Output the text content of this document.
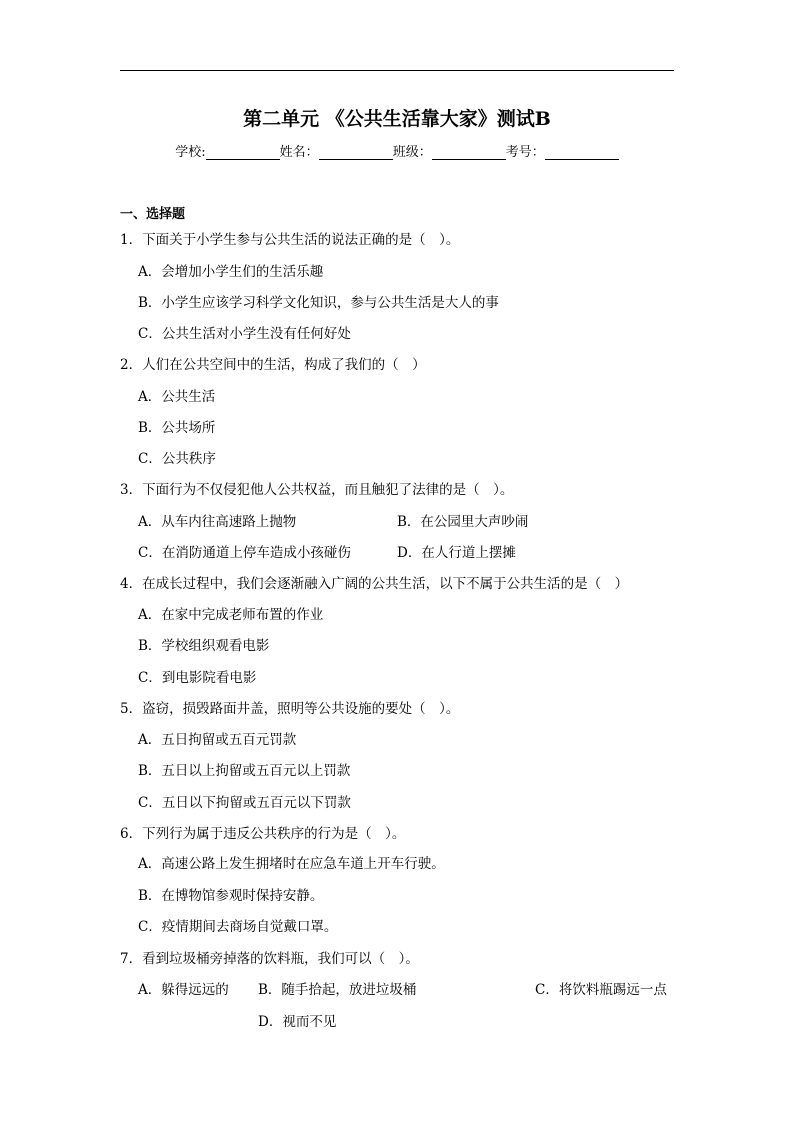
第二单元 《公共生活靠大家》测试B
学校:	姓名：	班级：	考号：
一、选择题
1．下面关于小学生参与公共生活的说法正确的是（　）。
A．会增加小学生们的生活乐趣
B．小学生应该学习科学文化知识，参与公共生活是大人的事
C．公共生活对小学生没有任何好处
2．人们在公共空间中的生活，构成了我们的（　）
A．公共生活
B．公共场所
C．公共秩序
3．下面行为不仅侵犯他人公共权益，而且触犯了法律的是（　）。
A．从车内往高速路上抛物	B．在公园里大声吵闹
C．在消防通道上停车造成小孩碰伤	D．在人行道上摆摊
4．在成长过程中，我们会逐渐融入广阔的公共生活，以下不属于公共生活的是（　）
A．在家中完成老师布置的作业
B．学校组织观看电影
C．到电影院看电影
5．盗窃，损毁路面井盖，照明等公共设施的要处（　）。
A．五日拘留或五百元罚款
B．五日以上拘留或五百元以上罚款
C．五日以下拘留或五百元以下罚款
6．下列行为属于违反公共秩序的行为是（　）。
A．高速公路上发生拥堵时在应急车道上开车行驶。
B．在博物馆参观时保持安静。
C．疫情期间去商场自觉戴口罩。
7．看到垃圾桶旁掉落的饮料瓶，我们可以（　）。
A．躲得远远的 B．随手拾起，放进垃圾桶	C．将饮料瓶踢远一点
D．视而不见
